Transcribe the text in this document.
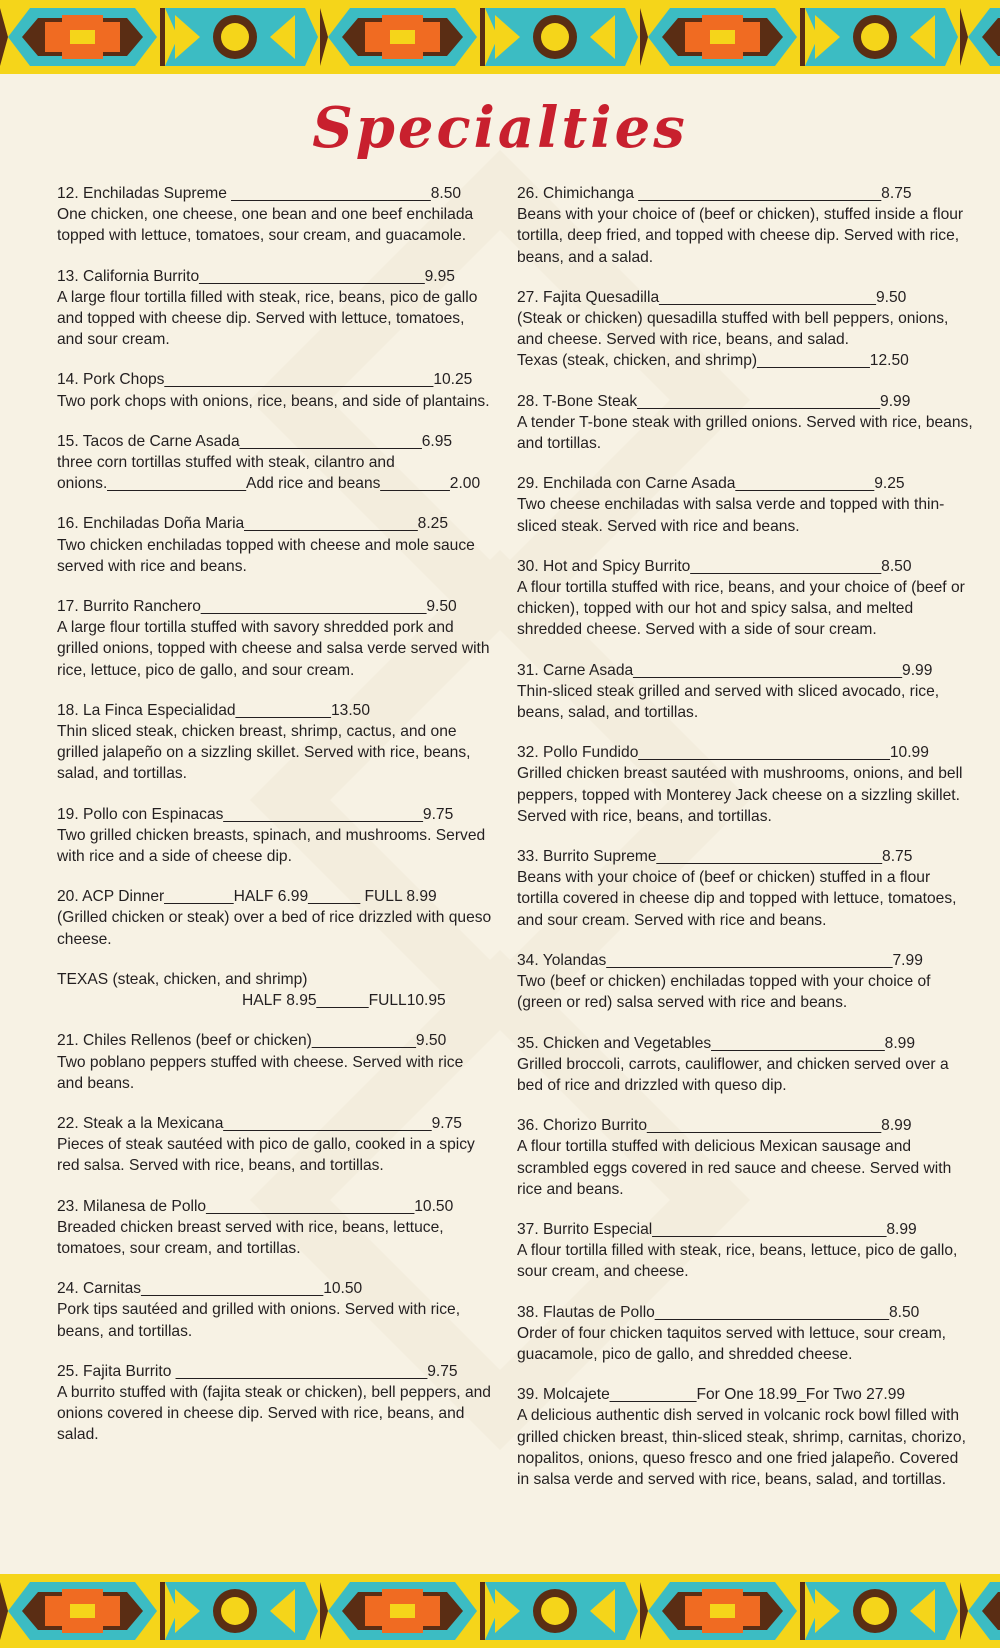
Specialties
12. Enchiladas Supreme _______________________8.50
One chicken, one cheese, one bean and one beef enchilada topped with lettuce, tomatoes, sour cream, and guacamole.
13. California Burrito__________________________9.95
A large flour tortilla filled with steak, rice, beans, pico de gallo and topped with cheese dip. Served with lettuce, tomatoes, and sour cream.
14. Pork Chops_______________________________10.25
Two pork chops with onions, rice, beans, and side of plantains.
15. Tacos de Carne Asada_____________________6.95
three corn tortillas stuffed with steak, cilantro and
onions.________________Add rice and beans________2.00
16. Enchiladas Doña Maria____________________8.25
Two chicken enchiladas topped with cheese and mole sauce served with rice and beans.
17. Burrito Ranchero__________________________9.50
A large flour tortilla stuffed with savory shredded pork and grilled onions, topped with cheese and salsa verde served with rice, lettuce, pico de gallo, and sour cream.
18. La Finca Especialidad___________13.50
Thin sliced steak, chicken breast, shrimp, cactus, and one grilled jalapeño on a sizzling skillet. Served with rice, beans, salad, and tortillas.
19. Pollo con Espinacas_______________________9.75
Two grilled chicken breasts, spinach, and mushrooms. Served with rice and a side of cheese dip.
20. ACP Dinner________HALF 6.99______ FULL 8.99
(Grilled chicken or steak) over a bed of rice drizzled with queso cheese.
TEXAS (steak, chicken, and shrimp)
HALF 8.95______FULL10.95
21. Chiles Rellenos (beef or chicken)____________9.50
Two poblano peppers stuffed with cheese. Served with rice and beans.
22. Steak a la Mexicana________________________9.75
Pieces of steak sautéed with pico de gallo, cooked in a spicy red salsa. Served with rice, beans, and tortillas.
23. Milanesa de Pollo________________________10.50
Breaded chicken breast served with rice, beans, lettuce, tomatoes, sour cream, and tortillas.
24. Carnitas_____________________10.50
Pork tips sautéed and grilled with onions. Served with rice, beans, and tortillas.
25. Fajita Burrito _____________________________9.75
A burrito stuffed with (fajita steak or chicken), bell peppers, and onions covered in cheese dip. Served with rice, beans, and salad.
26. Chimichanga ____________________________8.75
Beans with your choice of (beef or chicken), stuffed inside a flour tortilla, deep fried, and topped with cheese dip. Served with rice, beans, and a salad.
27. Fajita Quesadilla_________________________9.50
(Steak or chicken) quesadilla stuffed with bell peppers, onions, and cheese. Served with rice, beans, and salad.
Texas (steak, chicken, and shrimp)_____________12.50
28. T-Bone Steak____________________________9.99
A tender T-bone steak with grilled onions. Served with rice, beans, and tortillas.
29. Enchilada con Carne Asada________________9.25
Two cheese enchiladas with salsa verde and topped with thin-sliced steak. Served with rice and beans.
30. Hot and Spicy Burrito______________________8.50
A flour tortilla stuffed with rice, beans, and your choice of (beef or chicken), topped with our hot and spicy salsa, and melted shredded cheese. Served with a side of sour cream.
31. Carne Asada_______________________________9.99
Thin-sliced steak grilled and served with sliced avocado, rice, beans, salad, and tortillas.
32. Pollo Fundido_____________________________10.99
Grilled chicken breast sautéed with mushrooms, onions, and bell peppers, topped with Monterey Jack cheese on a sizzling skillet. Served with rice, beans, and tortillas.
33. Burrito Supreme__________________________8.75
Beans with your choice of (beef or chicken) stuffed in a flour tortilla covered in cheese dip and topped with lettuce, tomatoes, and sour cream. Served with rice and beans.
34. Yolandas_________________________________7.99
Two (beef or chicken) enchiladas topped with your choice of (green or red) salsa served with rice and beans.
35. Chicken and Vegetables____________________8.99
Grilled broccoli, carrots, cauliflower, and chicken served over a bed of rice and drizzled with queso dip.
36. Chorizo Burrito___________________________8.99
A flour tortilla stuffed with delicious Mexican sausage and scrambled eggs covered in red sauce and cheese. Served with rice and beans.
37. Burrito Especial___________________________8.99
A flour tortilla filled with steak, rice, beans, lettuce, pico de gallo, sour cream, and cheese.
38. Flautas de Pollo___________________________8.50
Order of four chicken taquitos served with lettuce, sour cream, guacamole, pico de gallo, and shredded cheese.
39. Molcajete__________For One 18.99_For Two 27.99
A delicious authentic dish served in volcanic rock bowl filled with grilled chicken breast, thin-sliced steak, shrimp, carnitas, chorizo, nopalitos, onions, queso fresco and one fried jalapeño. Covered in salsa verde and served with rice, beans, salad, and tortillas.
